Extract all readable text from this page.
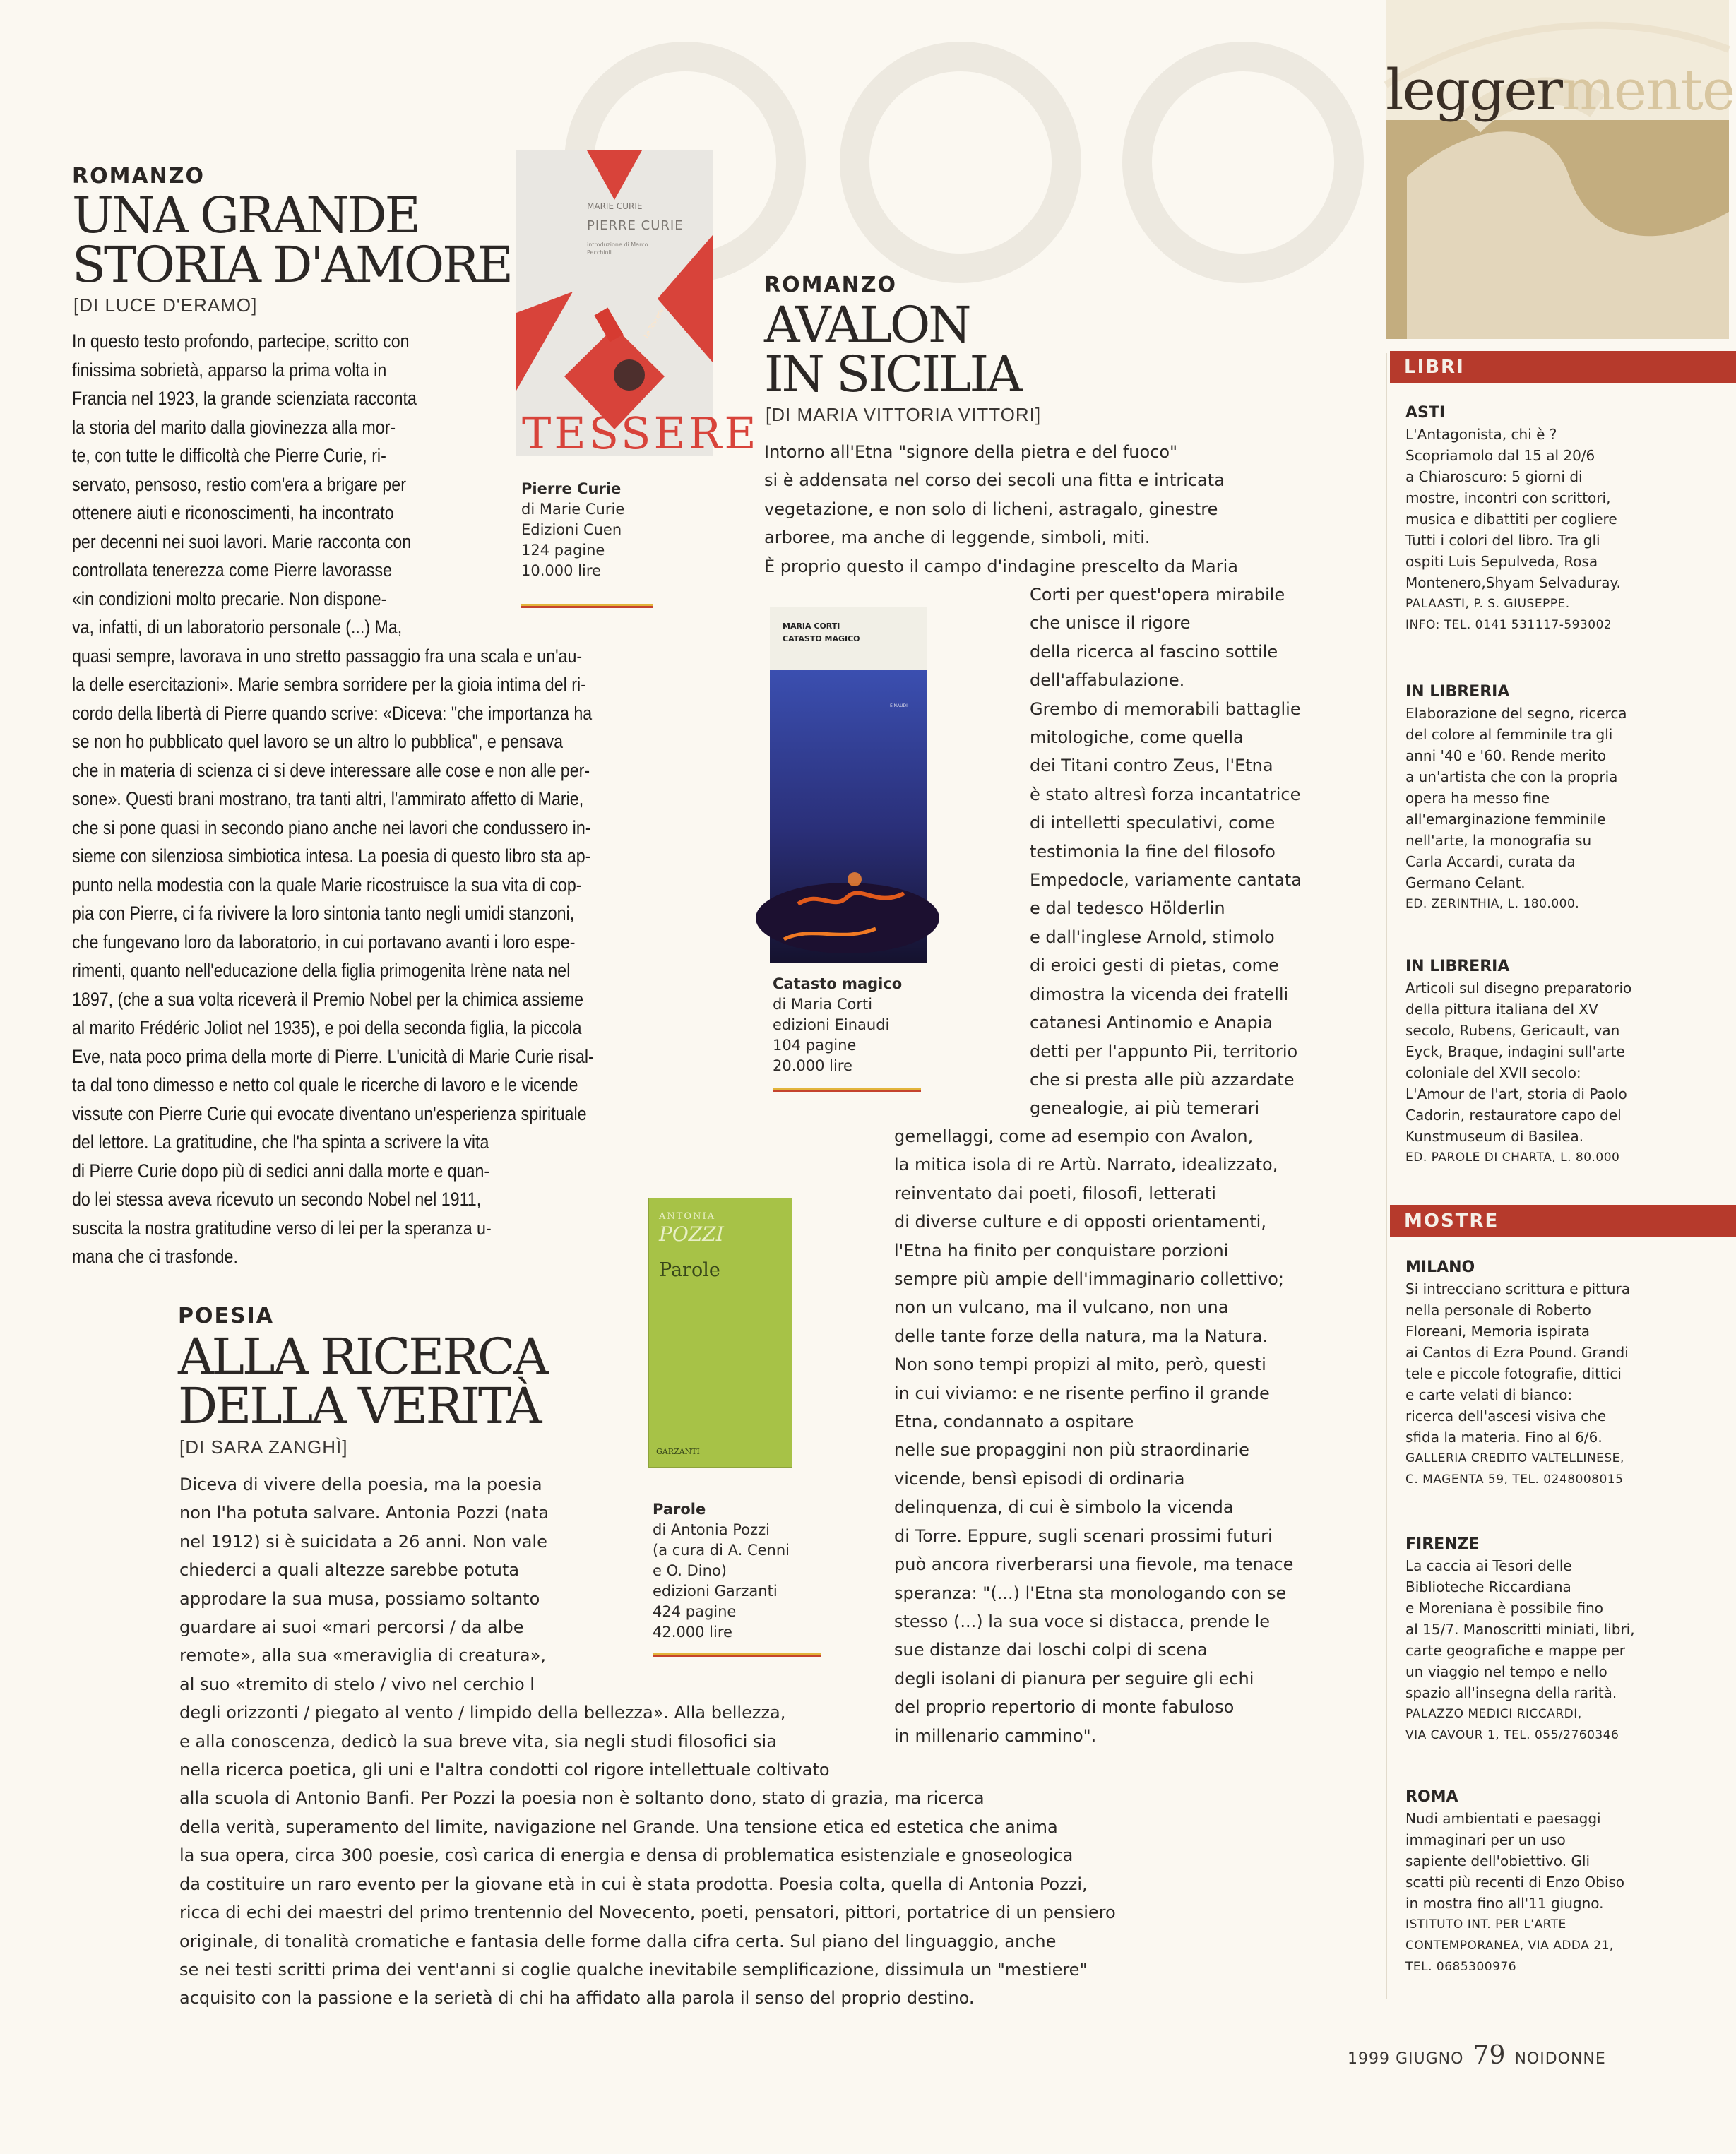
leggermente
ROMANZO
UNA GRANDE
STORIA D'AMORE
[DI LUCE D'ERAMO]
In questo testo profondo, partecipe, scritto con
finissima sobrietà, apparso la prima volta in
Francia nel 1923, la grande scienziata racconta
la storia del marito dalla giovinezza alla mor-
te, con tutte le difficoltà che Pierre Curie, ri-
servato, pensoso, restio com'era a brigare per
ottenere aiuti e riconoscimenti, ha incontrato
per decenni nei suoi lavori. Marie racconta con
controllata tenerezza come Pierre lavorasse
«in condizioni molto precarie. Non dispone-
va, infatti, di un laboratorio personale (...) Ma,
quasi sempre, lavorava in uno stretto passaggio fra una scala e un'au-
la delle esercitazioni». Marie sembra sorridere per la gioia intima del ri-
cordo della libertà di Pierre quando scrive: «Diceva: "che importanza ha
se non ho pubblicato quel lavoro se un altro lo pubblica", e pensava
che in materia di scienza ci si deve interessare alle cose e non alle per-
sone». Questi brani mostrano, tra tanti altri, l'ammirato affetto di Marie,
che si pone quasi in secondo piano anche nei lavori che condussero in-
sieme con silenziosa simbiotica intesa. La poesia di questo libro sta ap-
punto nella modestia con la quale Marie ricostruisce la sua vita di cop-
pia con Pierre, ci fa rivivere la loro sintonia tanto negli umidi stanzoni,
che fungevano loro da laboratorio, in cui portavano avanti i loro espe-
rimenti, quanto nell'educazione della figlia primogenita Irène nata nel
1897, (che a sua volta riceverà il Premio Nobel per la chimica assieme
al marito Frédéric Joliot nel 1935), e poi della seconda figlia, la piccola
Eve, nata poco prima della morte di Pierre. L'unicità di Marie Curie risal-
ta dal tono dimesso e netto col quale le ricerche di lavoro e le vicende
vissute con Pierre Curie qui evocate diventano un'esperienza spirituale
del lettore. La gratitudine, che l'ha spinta a scrivere la vita
di Pierre Curie dopo più di sedici anni dalla morte e quan-
do lei stessa aveva ricevuto un secondo Nobel nel 1911,
suscita la nostra gratitudine verso di lei per la speranza u-
mana che ci trasfonde.
MARIE CURIE
PIERRE CURIE
introduzione di Marco Pecchioli
Le Tessere
TESSERE
Pierre Curie
di Marie Curie
Edizioni Cuen
124 pagine
10.000 lire
ROMANZO
AVALON
IN SICILIA
[DI MARIA VITTORIA VITTORI]
Intorno all'Etna "signore della pietra e del fuoco"
si è addensata nel corso dei secoli una fitta e intricata
vegetazione, e non solo di licheni, astragalo, ginestre
arboree, ma anche di leggende, simboli, miti.
È proprio questo il campo d'indagine prescelto da Maria
Corti per quest'opera mirabile
che unisce il rigore
della ricerca al fascino sottile
dell'affabulazione.
Grembo di memorabili battaglie
mitologiche, come quella
dei Titani contro Zeus, l'Etna
è stato altresì forza incantatrice
di intelletti speculativi, come
testimonia la fine del filosofo
Empedocle, variamente cantata
e dal tedesco Hölderlin
e dall'inglese Arnold, stimolo
di eroici gesti di pietas, come
dimostra la vicenda dei fratelli
catanesi Antinomio e Anapia
detti per l'appunto Pii, territorio
che si presta alle più azzardate
genealogie, ai più temerari
gemellaggi, come ad esempio con Avalon,
la mitica isola di re Artù. Narrato, idealizzato,
reinventato dai poeti, filosofi, letterati
di diverse culture e di opposti orientamenti,
l'Etna ha finito per conquistare porzioni
sempre più ampie dell'immaginario collettivo;
non un vulcano, ma il vulcano, non una
delle tante forze della natura, ma la Natura.
Non sono tempi propizi al mito, però, questi
in cui viviamo: e ne risente perfino il grande
Etna, condannato a ospitare
nelle sue propaggini non più straordinarie
vicende, bensì episodi di ordinaria
delinquenza, di cui è simbolo la vicenda
di Torre. Eppure, sugli scenari prossimi futuri
può ancora riverberarsi una fievole, ma tenace
speranza: "(...) l'Etna sta monologando con se
stesso (...) la sua voce si distacca, prende le
sue distanze dai loschi colpi di scena
degli isolani di pianura per seguire gli echi
del proprio repertorio di monte fabuloso
in millenario cammino".
MARIA CORTI
CATASTO MAGICO
EINAUDI
Catasto magico
di Maria Corti
edizioni Einaudi
104 pagine
20.000 lire
POESIA
ALLA RICERCA
DELLA VERITÀ
[DI SARA ZANGHÌ]
Diceva di vivere della poesia, ma la poesia
non l'ha potuta salvare. Antonia Pozzi (nata
nel 1912) si è suicidata a 26 anni. Non vale
chiederci a quali altezze sarebbe potuta
approdare la sua musa, possiamo soltanto
guardare ai suoi «mari percorsi / da albe
remote», alla sua «meraviglia di creatura»,
al suo «tremito di stelo / vivo nel cerchio l
degli orizzonti / piegato al vento / limpido della bellezza». Alla bellezza,
e alla conoscenza, dedicò la sua breve vita, sia negli studi filosofici sia
nella ricerca poetica, gli uni e l'altra condotti col rigore intellettuale coltivato
alla scuola di Antonio Banfi. Per Pozzi la poesia non è soltanto dono, stato di grazia, ma ricerca
della verità, superamento del limite, navigazione nel Grande. Una tensione etica ed estetica che anima
la sua opera, circa 300 poesie, così carica di energia e densa di problematica esistenziale e gnoseologica
da costituire un raro evento per la giovane età in cui è stata prodotta. Poesia colta, quella di Antonia Pozzi,
ricca di echi dei maestri del primo trentennio del Novecento, poeti, pensatori, pittori, portatrice di un pensiero
originale, di tonalità cromatiche e fantasia delle forme dalla cifra certa. Sul piano del linguaggio, anche
se nei testi scritti prima dei vent'anni si coglie qualche inevitabile semplificazione, dissimula un "mestiere"
acquisito con la passione e la serietà di chi ha affidato alla parola il senso del proprio destino.
ANTONIA
POZZI
Parole
GARZANTI
Parole
di Antonia Pozzi
(a cura di A. Cenni
e O. Dino)
edizioni Garzanti
424 pagine
42.000 lire
LIBRI
ASTI
L'Antagonista, chi è ?
Scopriamolo dal 15 al 20/6
a Chiaroscuro: 5 giorni di
mostre, incontri con scrittori,
musica e dibattiti per cogliere
Tutti i colori del libro. Tra gli
ospiti Luis Sepulveda, Rosa
Montenero,Shyam Selvaduray.
PALAASTI, P. S. GIUSEPPE.
INFO: TEL. 0141 531117-593002
IN LIBRERIA
Elaborazione del segno, ricerca
del colore al femminile tra gli
anni '40 e '60. Rende merito
a un'artista che con la propria
opera ha messo fine
all'emarginazione femminile
nell'arte, la monografia su
Carla Accardi, curata da
Germano Celant.
ED. ZERINTHIA, L. 180.000.
IN LIBRERIA
Articoli sul disegno preparatorio
della pittura italiana del XV
secolo, Rubens, Gericault, van
Eyck, Braque, indagini sull'arte
coloniale del XVII secolo:
L'Amour de l'art, storia di Paolo
Cadorin, restauratore capo del
Kunstmuseum di Basilea.
ED. PAROLE DI CHARTA, L. 80.000
MOSTRE
MILANO
Si intrecciano scrittura e pittura
nella personale di Roberto
Floreani, Memoria ispirata
ai Cantos di Ezra Pound. Grandi
tele e piccole fotografie, dittici
e carte velati di bianco:
ricerca dell'ascesi visiva che
sfida la materia. Fino al 6/6.
GALLERIA CREDITO VALTELLINESE,
C. MAGENTA 59, TEL. 0248008015
FIRENZE
La caccia ai Tesori delle
Biblioteche Riccardiana
e Moreniana è possibile fino
al 15/7. Manoscritti miniati, libri,
carte geografiche e mappe per
un viaggio nel tempo e nello
spazio all'insegna della rarità.
PALAZZO MEDICI RICCARDI,
VIA CAVOUR 1, TEL. 055/2760346
ROMA
Nudi ambientati e paesaggi
immaginari per un uso
sapiente dell'obiettivo. Gli
scatti più recenti di Enzo Obiso
in mostra fino all'11 giugno.
ISTITUTO INT. PER L'ARTE
CONTEMPORANEA, VIA ADDA 21,
TEL. 0685300976
1999 GIUGNO 79 NOIDONNE
